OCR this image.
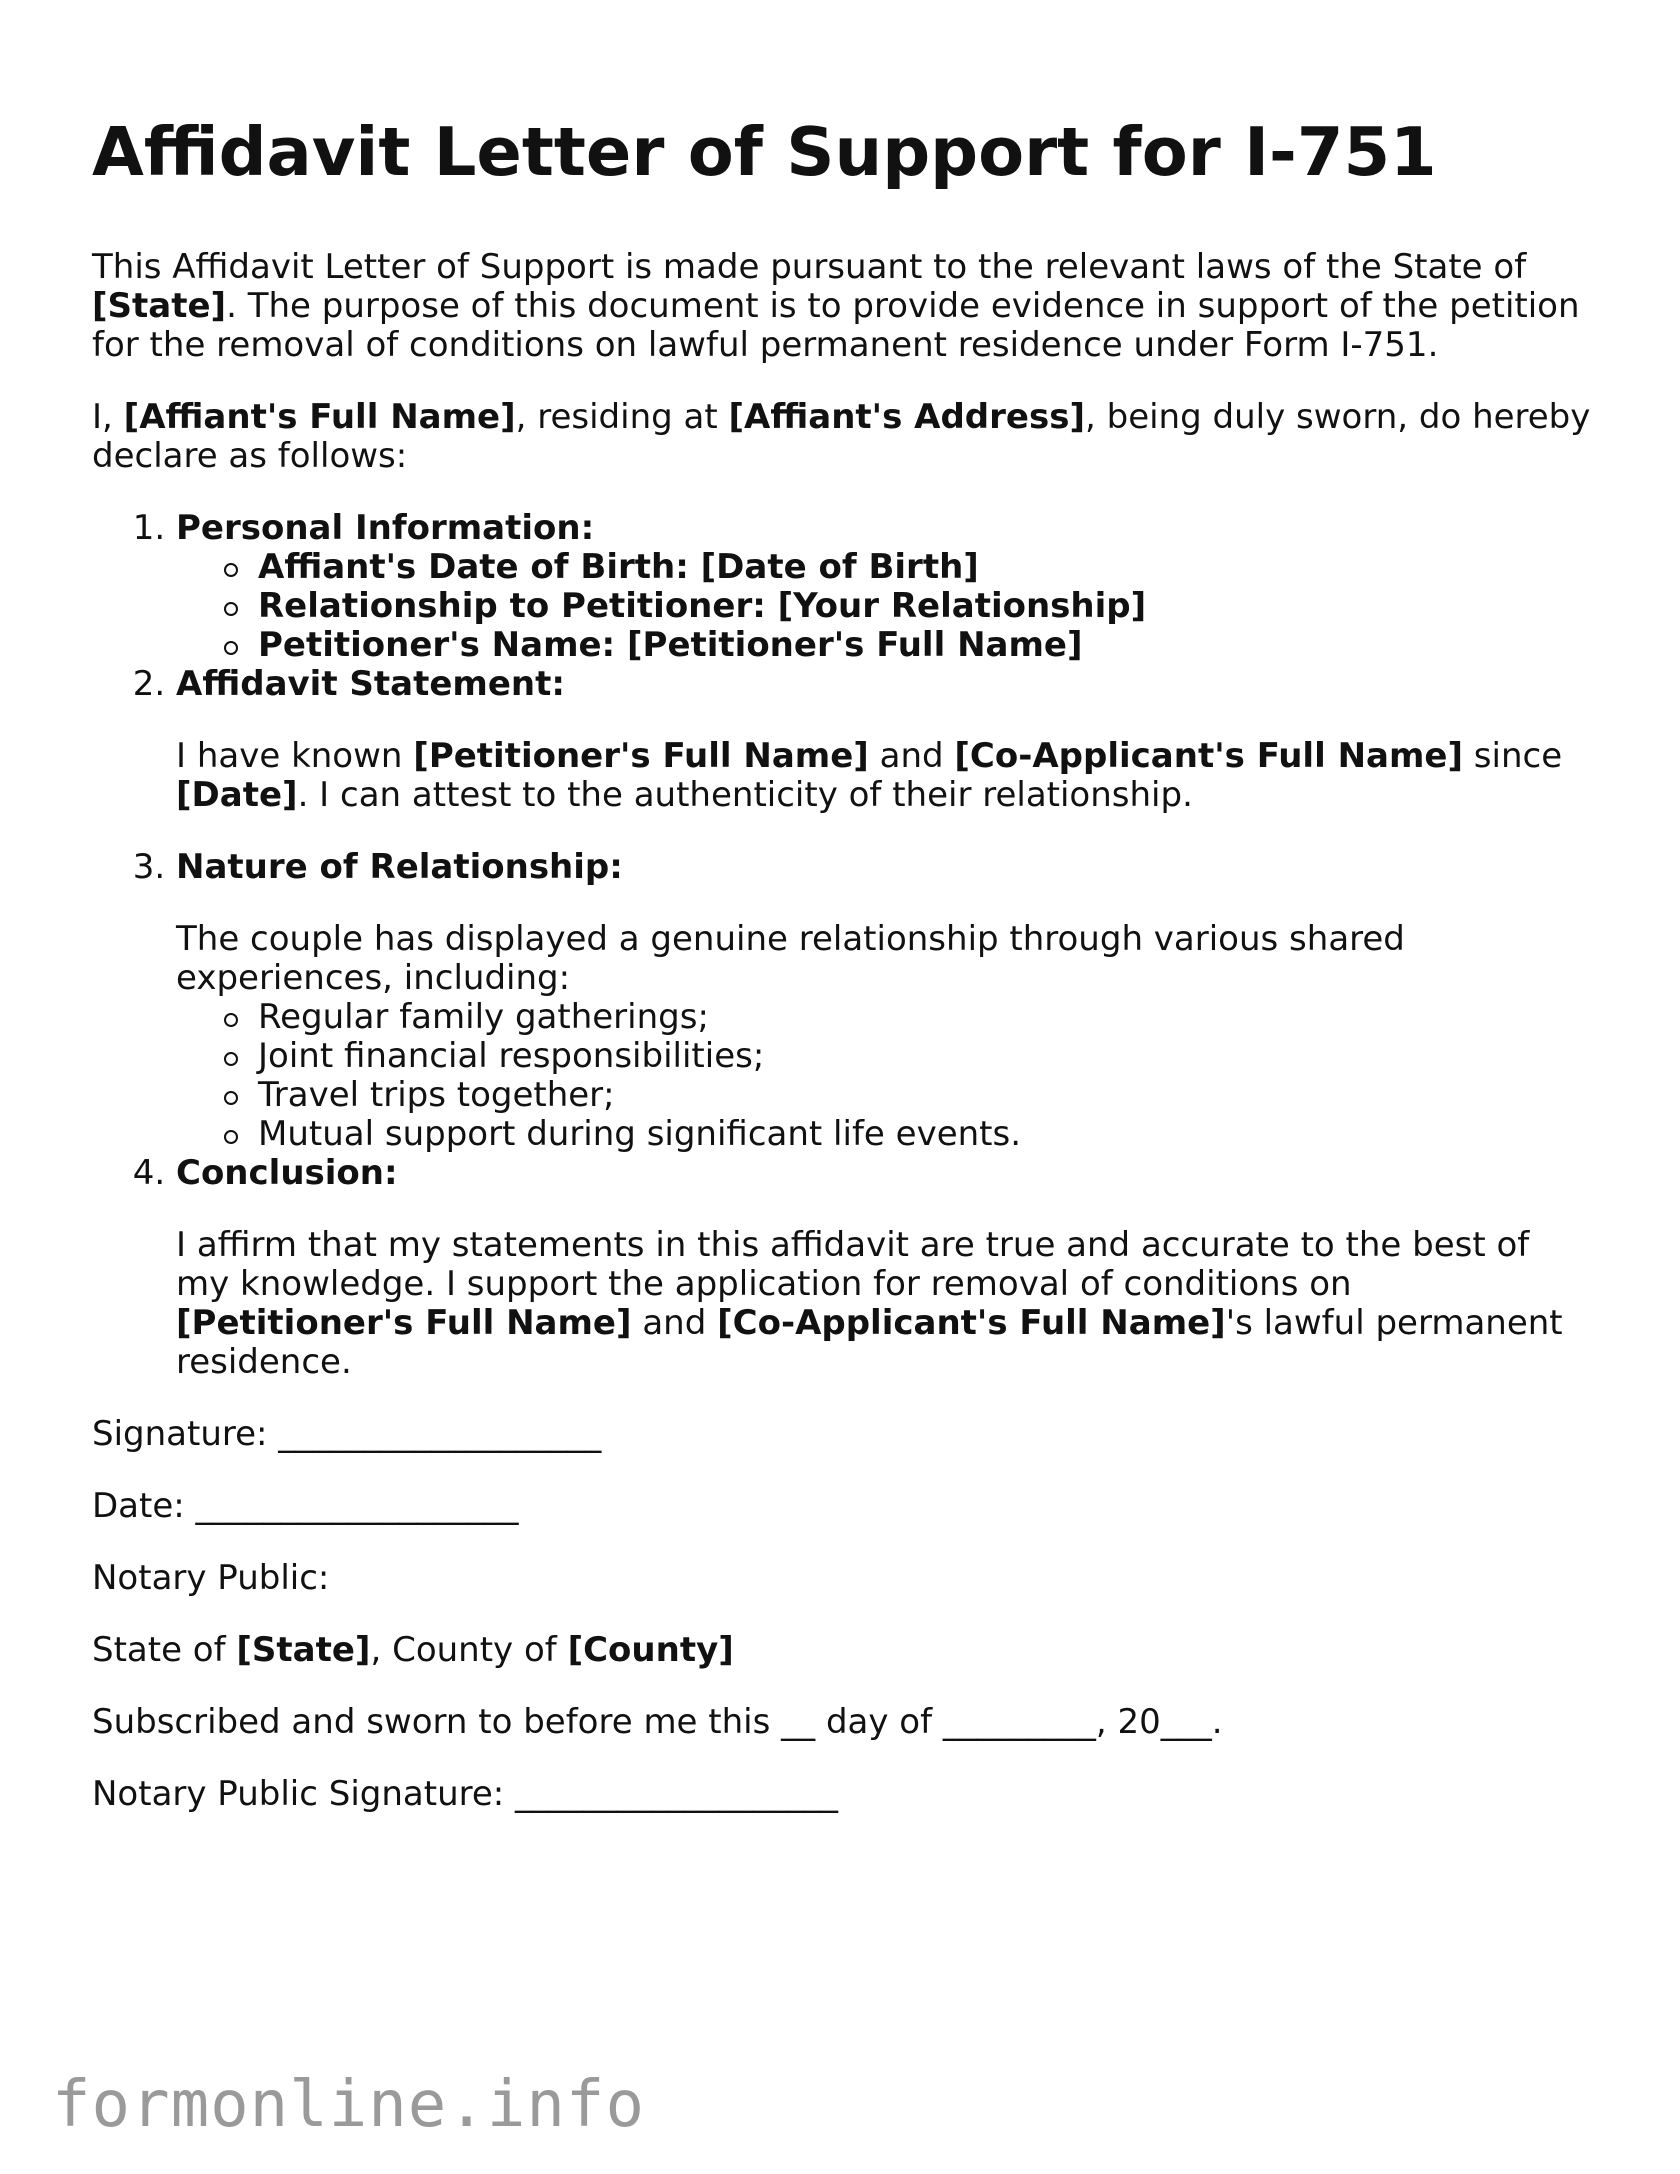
Affidavit Letter of Support for I-751

This Affidavit Letter of Support is made pursuant to the relevant laws of the State of [State]. The purpose of this document is to provide evidence in support of the petition for the removal of conditions on lawful permanent residence under Form I-751.

I, [Affiant's Full Name], residing at [Affiant's Address], being duly sworn, do hereby declare as follows:

1. Personal Information:
Affiant's Date of Birth: [Date of Birth]
Relationship to Petitioner: [Your Relationship]
Petitioner's Name: [Petitioner's Full Name]
2. Affidavit Statement:

I have known [Petitioner's Full Name] and [Co-Applicant's Full Name] since [Date]. I can attest to the authenticity of their relationship.

3. Nature of Relationship:

The couple has displayed a genuine relationship through various shared experiences, including:

Regular family gatherings;
Joint financial responsibilities;
Travel trips together;
Mutual support during significant life events.
4. Conclusion:

I affirm that my statements in this affidavit are true and accurate to the best of my knowledge. I support the application for removal of conditions on [Petitioner's Full Name] and [Co-Applicant's Full Name]'s lawful permanent residence.

Signature: ___________________

Date: ___________________

Notary Public:

State of [State], County of [County]

Subscribed and sworn to before me this __ day of _________, 20___.

Notary Public Signature: ___________________

formonline.info
